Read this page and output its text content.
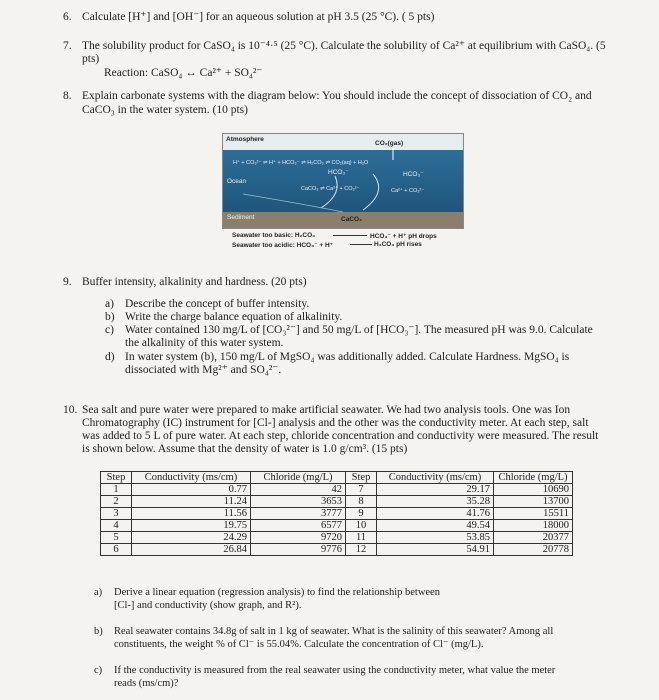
6. Calculate [H⁺] and [OH⁻] for an aqueous solution at pH 3.5 (25 °C). ( 5 pts)
7. The solubility product for CaSO₄ is 10⁻⁴·⁵ (25 °C). Calculate the solubility of Ca²⁺ at equilibrium with CaSO₄. (5
pts)
Reaction: CaSO₄ ↔ Ca²⁺ + SO₄²⁻
8. Explain carbonate systems with the diagram below: You should include the concept of dissociation of CO₂ and
CaCO₃ in the water system. (10 pts)
Atmosphere
CO₂(gas)
H⁺ + CO₃²⁻ ⇌ H⁺ + HCO₃⁻ ⇌ H₂CO₃ ⇌ CO₂(aq) + H₂O
HCO₃⁻	HCO₃⁻
Ocean
CaCO₃ ⇌ Ca²⁺ + CO₃²⁻	Ca²⁺ + CO₃²⁻
Sediment	CaCO₃
Seawater too basic: H₂CO₃	HCO₃⁻ + H⁺ pH drops
Seawater too acidic: HCO₃⁻ + H⁺	H₂CO₃ pH rises
9. Buffer intensity, alkalinity and hardness. (20 pts)
a) Describe the concept of buffer intensity.
b) Write the charge balance equation of alkalinity.
c) Water contained 130 mg/L of [CO₃²⁻] and 50 mg/L of [HCO₃⁻]. The measured pH was 9.0. Calculate
the alkalinity of this water system.
d) In water system (b), 150 mg/L of MgSO₄ was additionally added. Calculate Hardness. MgSO₄ is
dissociated with Mg²⁺ and SO₄²⁻.
10. Sea salt and pure water were prepared to make artificial seawater. We had two analysis tools. One was Ion
Chromatography (IC) instrument for [Cl-] analysis and the other was the conductivity meter. At each step, salt
was added to 5 L of pure water. At each step, chloride concentration and conductivity were measured. The result
is shown below. Assume that the density of water is 1.0 g/cm³. (15 pts)
Step	Conductivity (ms/cm)	Chloride (mg/L)	Step	Conductivity (ms/cm)	Chloride (mg/L)
1	0.77	42	7	29.17	10690
2	11.24	3653	8	35.28	13700
3	11.56	3777	9	41.76	15511
4	19.75	6577	10	49.54	18000
5	24.29	9720	11	53.85	20377
6	26.84	9776	12	54.91	20778
a) Derive a linear equation (regression analysis) to find the relationship between
[Cl-] and conductivity (show graph, and R²).
b) Real seawater contains 34.8g of salt in 1 kg of seawater. What is the salinity of this seawater? Among all
constituents, the weight % of Cl⁻ is 55.04%. Calculate the concentration of Cl⁻ (mg/L).
c) If the conductivity is measured from the real seawater using the conductivity meter, what value the meter
reads (ms/cm)?
